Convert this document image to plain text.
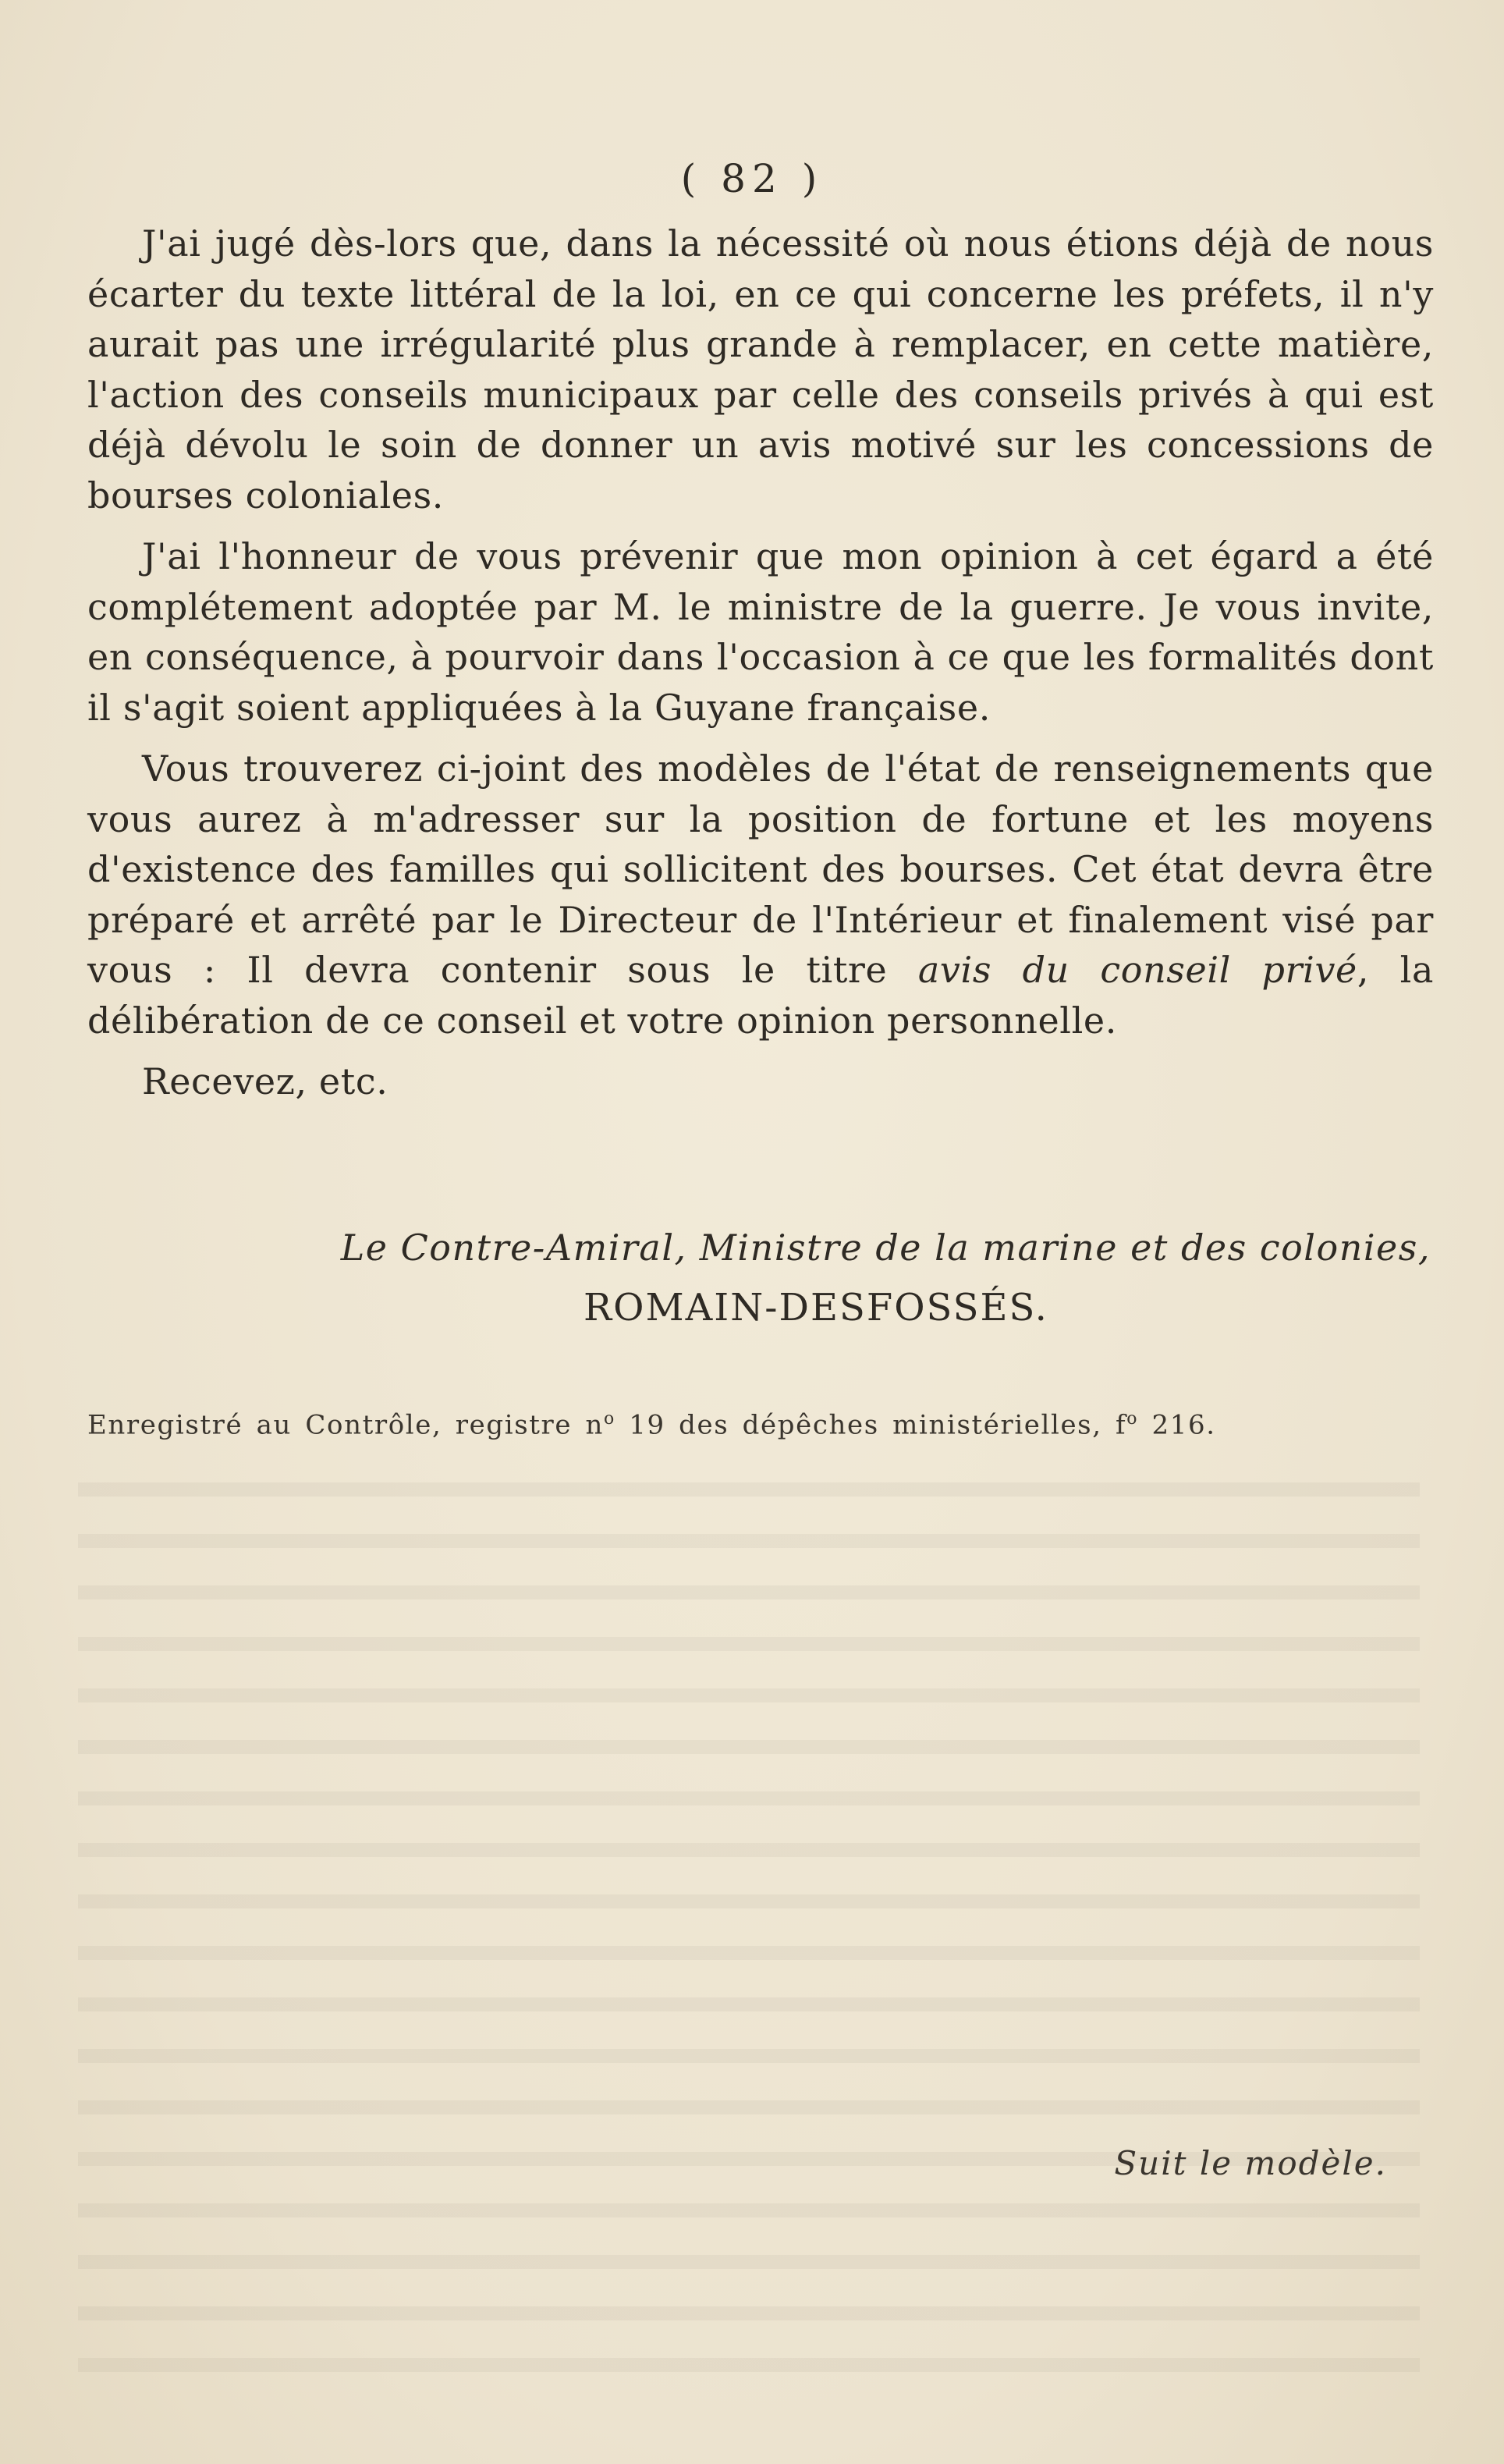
( 82 )

J'ai jugé dès-lors que, dans la nécessité où nous étions déjà de nous écarter du texte littéral de la loi, en ce qui concerne les préfets, il n'y aurait pas une irrégularité plus grande à remplacer, en cette matière, l'action des conseils municipaux par celle des conseils privés à qui est déjà dévolu le soin de donner un avis motivé sur les concessions de bourses coloniales.

J'ai l'honneur de vous prévenir que mon opinion à cet égard a été complétement adoptée par M. le ministre de la guerre. Je vous invite, en conséquence, à pourvoir dans l'occasion à ce que les formalités dont il s'agit soient appliquées à la Guyane française.

Vous trouverez ci-joint des modèles de l'état de renseignements que vous aurez à m'adresser sur la position de fortune et les moyens d'existence des familles qui sollicitent des bourses. Cet état devra être préparé et arrêté par le Directeur de l'Intérieur et finalement visé par vous : Il devra contenir sous le titre avis du conseil privé, la délibération de ce conseil et votre opinion personnelle.

Recevez, etc.

Le Contre-Amiral, Ministre de la marine et des colonies,
ROMAIN-DESFOSSÉS.
Enregistré au Contrôle, registre $n^o$ 19 des dépêches ministérielles, $f^o$ 216.
Suit le modèle.
